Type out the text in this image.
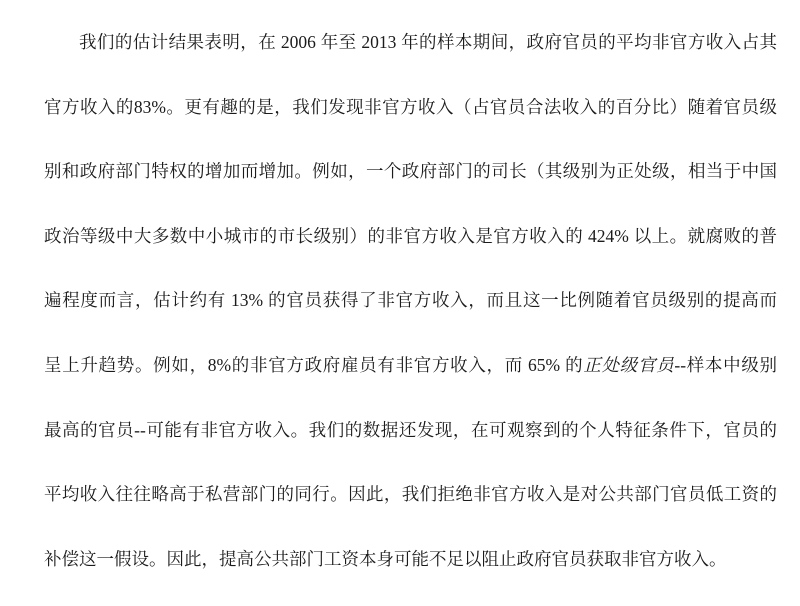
我们的估计结果表明，在 2006 年至 2013 年的样本期间，政府官员的平均非官方收入占其
官方收入的83%。更有趣的是，我们发现非官方收入（占官员合法收入的百分比）随着官员级
别和政府部门特权的增加而增加。例如，一个政府部门的司长（其级别为正处级，相当于中国
政治等级中大多数中小城市的市长级别）的非官方收入是官方收入的 424% 以上。就腐败的普
遍程度而言，估计约有 13% 的官员获得了非官方收入，而且这一比例随着官员级别的提高而
呈上升趋势。例如，8%的非官方政府雇员有非官方收入，而 65% 的正处级官员--样本中级别
最高的官员--可能有非官方收入。我们的数据还发现，在可观察到的个人特征条件下，官员的
平均收入往往略高于私营部门的同行。因此，我们拒绝非官方收入是对公共部门官员低工资的
补偿这一假设。因此，提高公共部门工资本身可能不足以阻止政府官员获取非官方收入。
